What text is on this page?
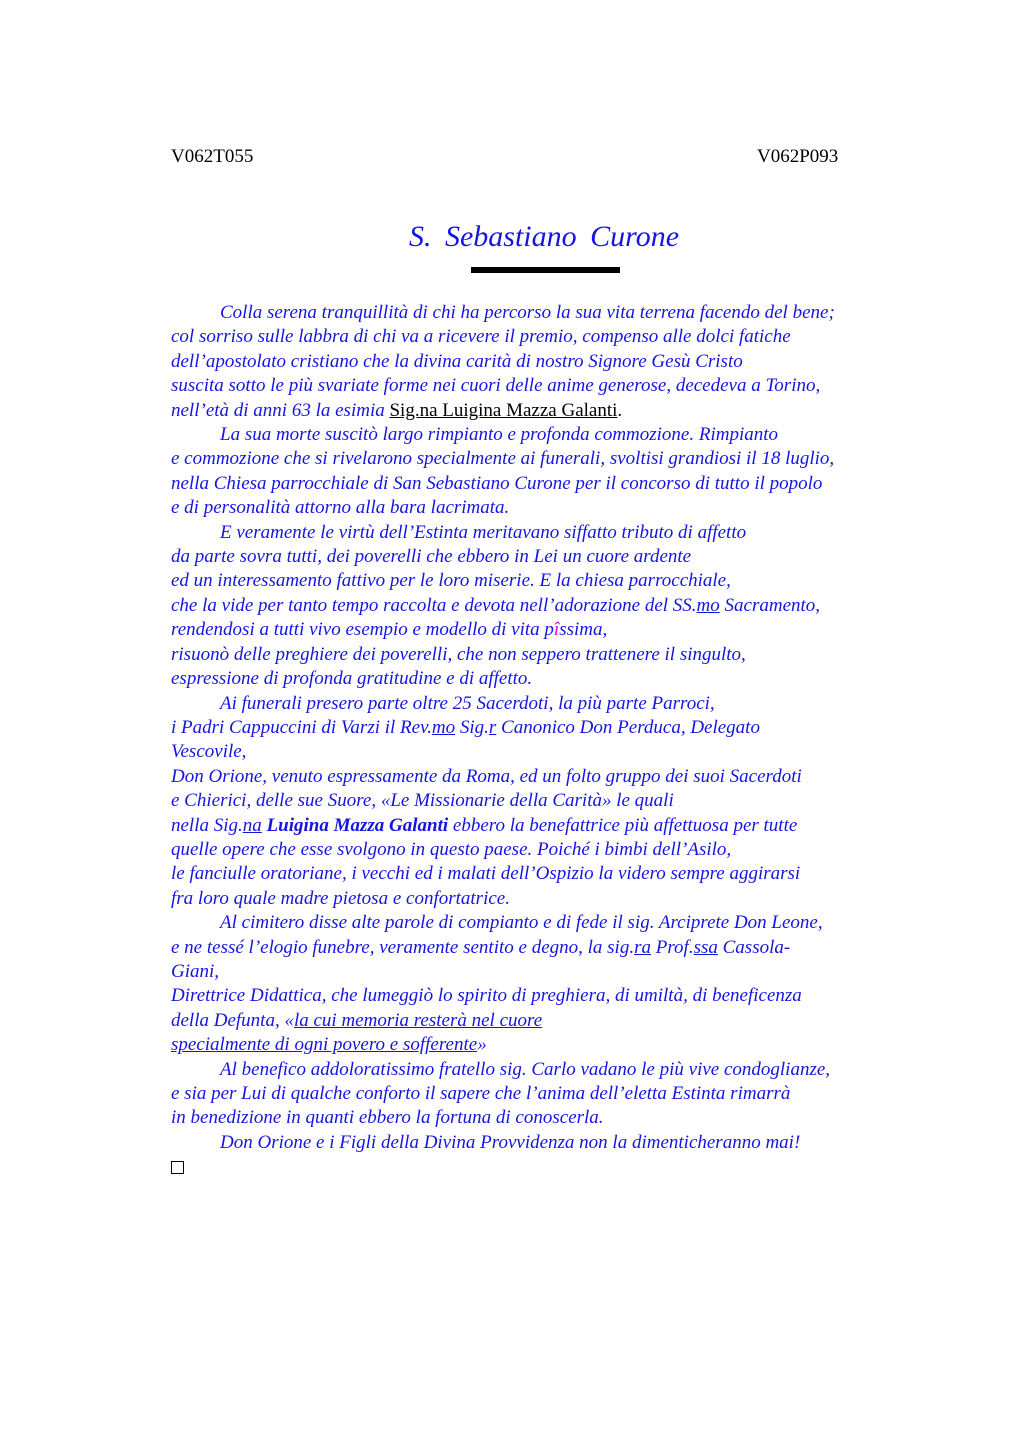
V062T055	V062P093
S. Sebastiano Curone
Colla serena tranquillità di chi ha percorso la sua vita terrena facendo del bene;
col sorriso sulle labbra di chi va a ricevere il premio, compenso alle dolci fatiche
dell’apostolato cristiano che la divina carità di nostro Signore Gesù Cristo
suscita sotto le più svariate forme nei cuori delle anime generose, decedeva a Torino,
nell’età di anni 63 la esimia Sig.na Luigina Mazza Galanti.
La sua morte suscitò largo rimpianto e profonda commozione. Rimpianto
e commozione che si rivelarono specialmente ai funerali, svoltisi grandiosi il 18 luglio,
nella Chiesa parrocchiale di San Sebastiano Curone per il concorso di tutto il popolo
e di personalità attorno alla bara lacrimata.
E veramente le virtù dell’Estinta meritavano siffatto tributo di affetto
da parte sovra tutti, dei poverelli che ebbero in Lei un cuore ardente
ed un interessamento fattivo per le loro miserie. E la chiesa parrocchiale,
che la vide per tanto tempo raccolta e devota nell’adorazione del SS.mo Sacramento,
rendendosi a tutti vivo esempio e modello di vita pîssima,
risuonò delle preghiere dei poverelli, che non seppero trattenere il singulto,
espressione di profonda gratitudine e di affetto.
Ai funerali presero parte oltre 25 Sacerdoti, la più parte Parroci,
i Padri Cappuccini di Varzi il Rev.mo Sig.r Canonico Don Perduca, Delegato
Vescovile,
Don Orione, venuto espressamente da Roma, ed un folto gruppo dei suoi Sacerdoti
e Chierici, delle sue Suore, «Le Missionarie della Carità» le quali
nella Sig.na Luigina Mazza Galanti ebbero la benefattrice più affettuosa per tutte
quelle opere che esse svolgono in questo paese. Poiché i bimbi dell’Asilo,
le fanciulle oratoriane, i vecchi ed i malati dell’Ospizio la videro sempre aggirarsi
fra loro quale madre pietosa e confortatrice.
Al cimitero disse alte parole di compianto e di fede il sig. Arciprete Don Leone,
e ne tessé l’elogio funebre, veramente sentito e degno, la sig.ra Prof.ssa Cassola-
Giani,
Direttrice Didattica, che lumeggiò lo spirito di preghiera, di umiltà, di beneficenza
della Defunta, «la cui memoria resterà nel cuore
specialmente di ogni povero e sofferente»
Al benefico addoloratissimo fratello sig. Carlo vadano le più vive condoglianze,
e sia per Lui di qualche conforto il sapere che l’anima dell’eletta Estinta rimarrà
in benedizione in quanti ebbero la fortuna di conoscerla.
Don Orione e i Figli della Divina Provvidenza non la dimenticheranno mai!
